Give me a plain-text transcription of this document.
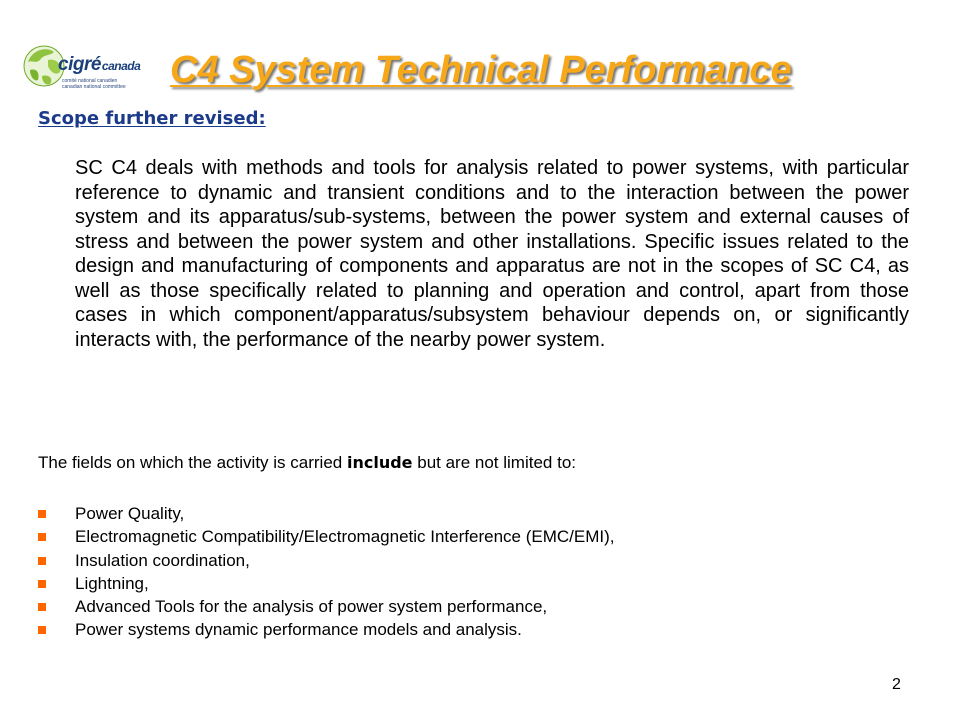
cigrécanada
comité national canadien
canadian national committee C4 System Technical Performance
Scope further revised:

SC C4 deals with methods and tools for analysis related to power systems, with particular reference to dynamic and transient conditions and to the interaction between the power system and its apparatus/sub-systems, between the power system and external causes of stress and between the power system and other installations. Specific issues related to the design and manufacturing of components and apparatus are not in the scopes of SC C4, as well as those specifically related to planning and operation and control, apart from those cases in which component/apparatus/subsystem behaviour depends on, or significantly interacts with, the performance of the nearby power system.

The fields on which the activity is carried include but are not limited to:

Power Quality,
Electromagnetic Compatibility/Electromagnetic Interference (EMC/EMI),
Insulation coordination,
Lightning,
Advanced Tools for the analysis of power system performance,
Power systems dynamic performance models and analysis.
2
